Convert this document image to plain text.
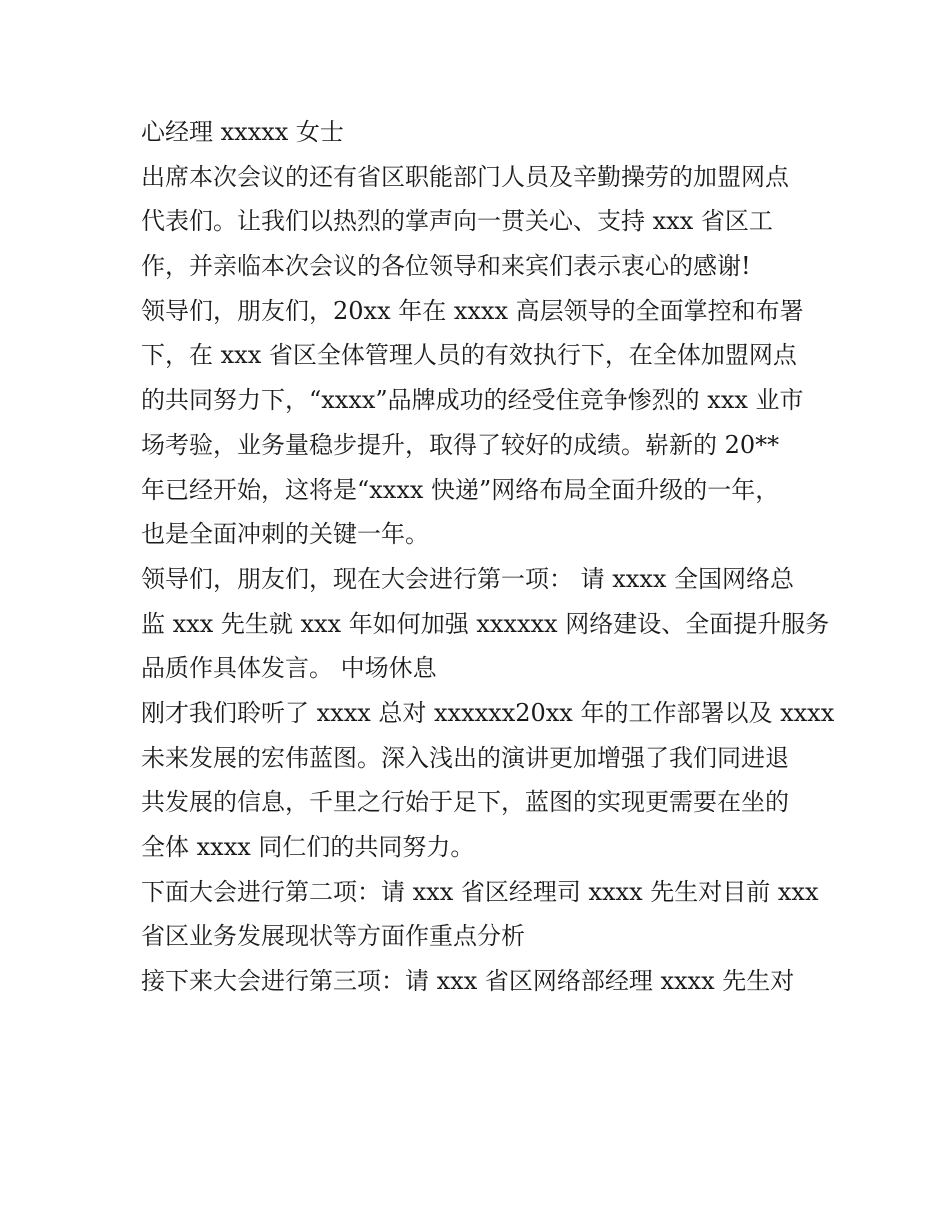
心经理 xxxxx 女士
出席本次会议的还有省区职能部门人员及辛勤操劳的加盟网点
代表们。让我们以热烈的掌声向一贯关心、支持 xxx 省区工
作，并亲临本次会议的各位领导和来宾们表示衷心的感谢!
领导们，朋友们，20xx 年在 xxxx 高层领导的全面掌控和布署
下，在 xxx 省区全体管理人员的有效执行下，在全体加盟网点
的共同努力下，“xxxx”品牌成功的经受住竞争惨烈的 xxx 业市
场考验，业务量稳步提升，取得了较好的成绩。崭新的 20**
年已经开始，这将是“xxxx 快递”网络布局全面升级的一年，
也是全面冲刺的关键一年。
领导们，朋友们，现在大会进行第一项： 请 xxxx 全国网络总
监 xxx 先生就 xxx 年如何加强 xxxxxx 网络建设、全面提升服务
品质作具体发言。 中场休息
刚才我们聆听了 xxxx 总对 xxxxxx20xx 年的工作部署以及 xxxx
未来发展的宏伟蓝图。深入浅出的演讲更加增强了我们同进退
共发展的信息，千里之行始于足下，蓝图的实现更需要在坐的
全体 xxxx 同仁们的共同努力。
下面大会进行第二项：请 xxx 省区经理司 xxxx 先生对目前 xxx
省区业务发展现状等方面作重点分析
接下来大会进行第三项：请 xxx 省区网络部经理 xxxx 先生对
